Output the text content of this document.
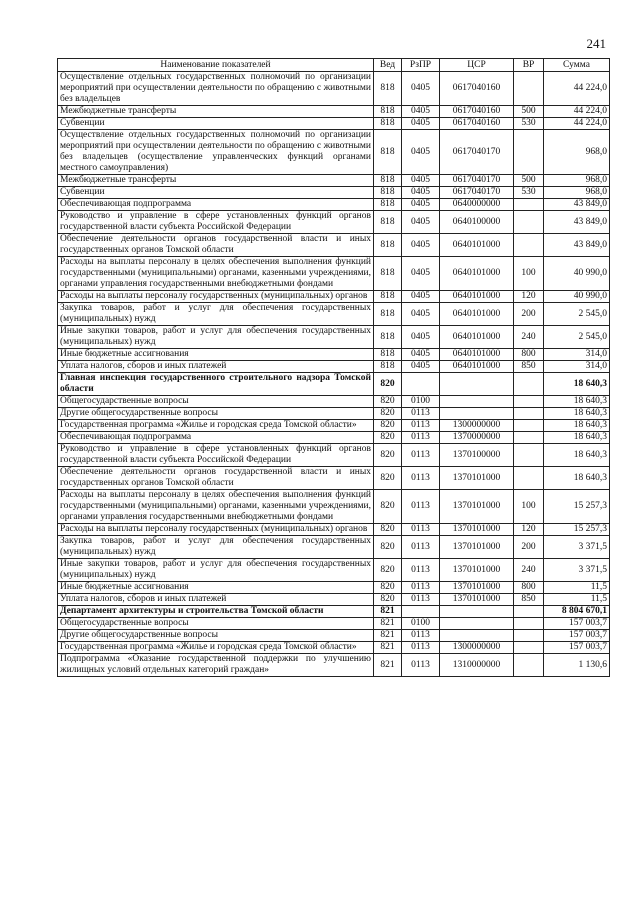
241
Наименование показателей	Вед	РзПР	ЦСР	ВР	Сумма
Осуществление отдельных государственных полномочий по организации мероприятий при осуществлении деятельности по обращению с животными без владельцев	818	0405	0617040160		44 224,0
Межбюджетные трансферты	818	0405	0617040160	500	44 224,0
Субвенции	818	0405	0617040160	530	44 224,0
Осуществление отдельных государственных полномочий по организации мероприятий при осуществлении деятельности по обращению с животными без владельцев (осуществление управленческих функций органами местного самоуправления)	818	0405	0617040170		968,0
Межбюджетные трансферты	818	0405	0617040170	500	968,0
Субвенции	818	0405	0617040170	530	968,0
Обеспечивающая подпрограмма	818	0405	0640000000		43 849,0
Руководство и управление в сфере установленных функций органов государственной власти субъекта Российской Федерации	818	0405	0640100000		43 849,0
Обеспечение деятельности органов государственной власти и иных государственных органов Томской области	818	0405	0640101000		43 849,0
Расходы на выплаты персоналу в целях обеспечения выполнения функций государственными (муниципальными) органами, казенными учреждениями, органами управления государственными внебюджетными фондами	818	0405	0640101000	100	40 990,0
Расходы на выплаты персоналу государственных (муниципальных) органов	818	0405	0640101000	120	40 990,0
Закупка товаров, работ и услуг для обеспечения государственных (муниципальных) нужд	818	0405	0640101000	200	2 545,0
Иные закупки товаров, работ и услуг для обеспечения государственных (муниципальных) нужд	818	0405	0640101000	240	2 545,0
Иные бюджетные ассигнования	818	0405	0640101000	800	314,0
Уплата налогов, сборов и иных платежей	818	0405	0640101000	850	314,0
Главная инспекция государственного строительного надзора Томской области	820				18 640,3
Общегосударственные вопросы	820	0100			18 640,3
Другие общегосударственные вопросы	820	0113			18 640,3
Государственная программа «Жилье и городская среда Томской области»	820	0113	1300000000		18 640,3
Обеспечивающая подпрограмма	820	0113	1370000000		18 640,3
Руководство и управление в сфере установленных функций органов государственной власти субъекта Российской Федерации	820	0113	1370100000		18 640,3
Обеспечение деятельности органов государственной власти и иных государственных органов Томской области	820	0113	1370101000		18 640,3
Расходы на выплаты персоналу в целях обеспечения выполнения функций государственными (муниципальными) органами, казенными учреждениями, органами управления государственными внебюджетными фондами	820	0113	1370101000	100	15 257,3
Расходы на выплаты персоналу государственных (муниципальных) органов	820	0113	1370101000	120	15 257,3
Закупка товаров, работ и услуг для обеспечения государственных (муниципальных) нужд	820	0113	1370101000	200	3 371,5
Иные закупки товаров, работ и услуг для обеспечения государственных (муниципальных) нужд	820	0113	1370101000	240	3 371,5
Иные бюджетные ассигнования	820	0113	1370101000	800	11,5
Уплата налогов, сборов и иных платежей	820	0113	1370101000	850	11,5
Департамент архитектуры и строительства Томской области	821				8 804 670,1
Общегосударственные вопросы	821	0100			157 003,7
Другие общегосударственные вопросы	821	0113			157 003,7
Государственная программа «Жилье и городская среда Томской области»	821	0113	1300000000		157 003,7
Подпрограмма «Оказание государственной поддержки по улучшению жилищных условий отдельных категорий граждан»	821	0113	1310000000		1 130,6
